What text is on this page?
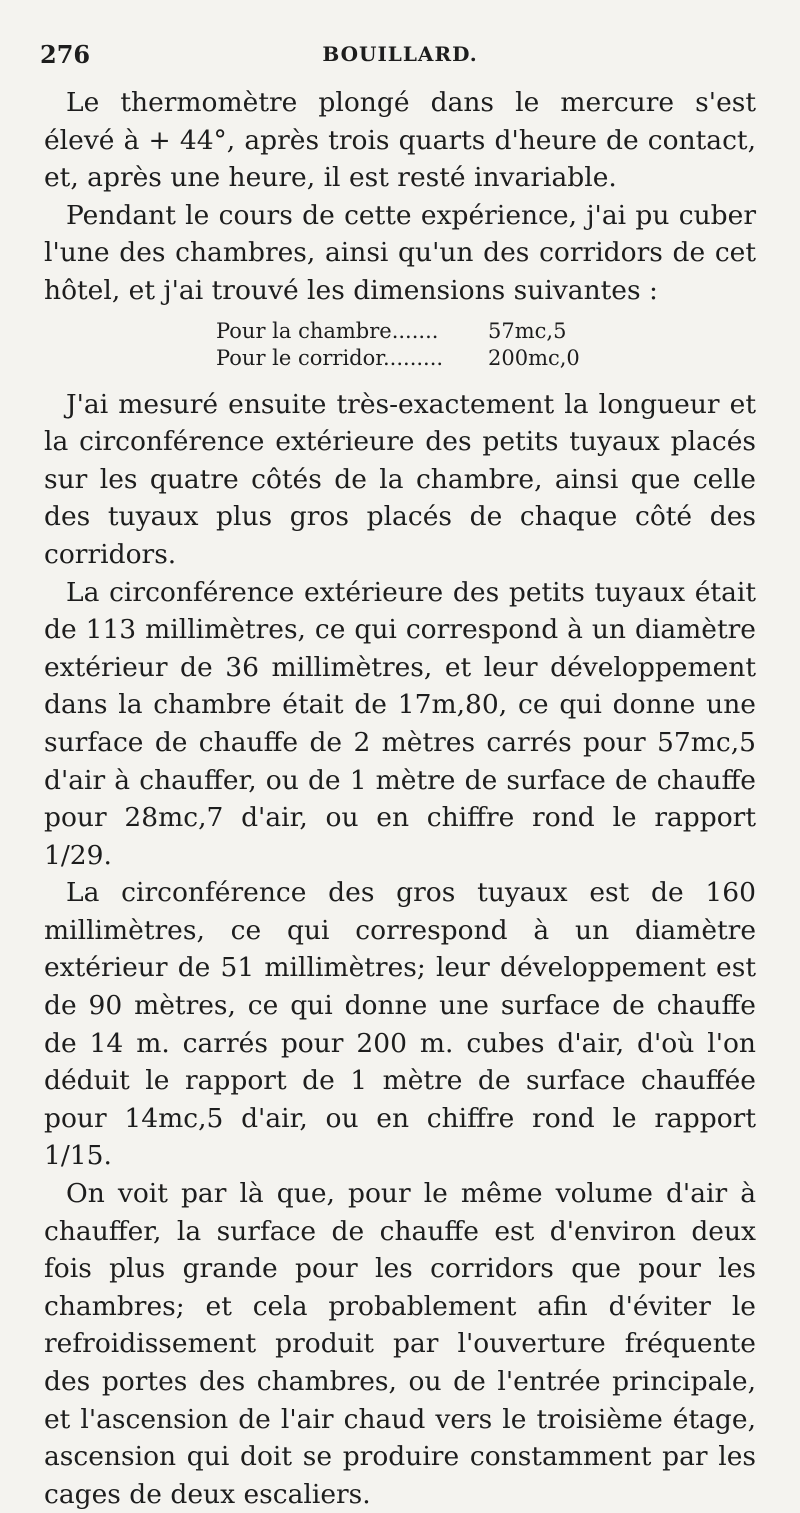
276	BOUILLARD.

Le thermomètre plongé dans le mercure s'est élevé à + 44°, après trois quarts d'heure de contact, et, après une heure, il est resté invariable.

Pendant le cours de cette expérience, j'ai pu cuber l'une des chambres, ainsi qu'un des corridors de cet hôtel, et j'ai trouvé les dimensions suivantes :

Pour la chambre.......	57mc,5
Pour le corridor.........	200mc,0

J'ai mesuré ensuite très-exactement la longueur et la circonférence extérieure des petits tuyaux placés sur les quatre côtés de la chambre, ainsi que celle des tuyaux plus gros placés de chaque côté des corridors.

La circonférence extérieure des petits tuyaux était de 113 millimètres, ce qui correspond à un diamètre extérieur de 36 millimètres, et leur développement dans la chambre était de 17m,80, ce qui donne une surface de chauffe de 2 mètres carrés pour 57mc,5 d'air à chauffer, ou de 1 mètre de surface de chauffe pour 28mc,7 d'air, ou en chiffre rond le rapport 1/29.

La circonférence des gros tuyaux est de 160 millimètres, ce qui correspond à un diamètre extérieur de 51 millimètres; leur développement est de 90 mètres, ce qui donne une surface de chauffe de 14 m. carrés pour 200 m. cubes d'air, d'où l'on déduit le rapport de 1 mètre de surface chauffée pour 14mc,5 d'air, ou en chiffre rond le rapport 1/15.

On voit par là que, pour le même volume d'air à chauffer, la surface de chauffe est d'environ deux fois plus grande pour les corridors que pour les chambres; et cela probablement afin d'éviter le refroidissement produit par l'ouverture fréquente des portes des chambres, ou de l'entrée principale, et l'ascension de l'air chaud vers le troisième étage, ascension qui doit se produire constamment par les cages de deux escaliers.
